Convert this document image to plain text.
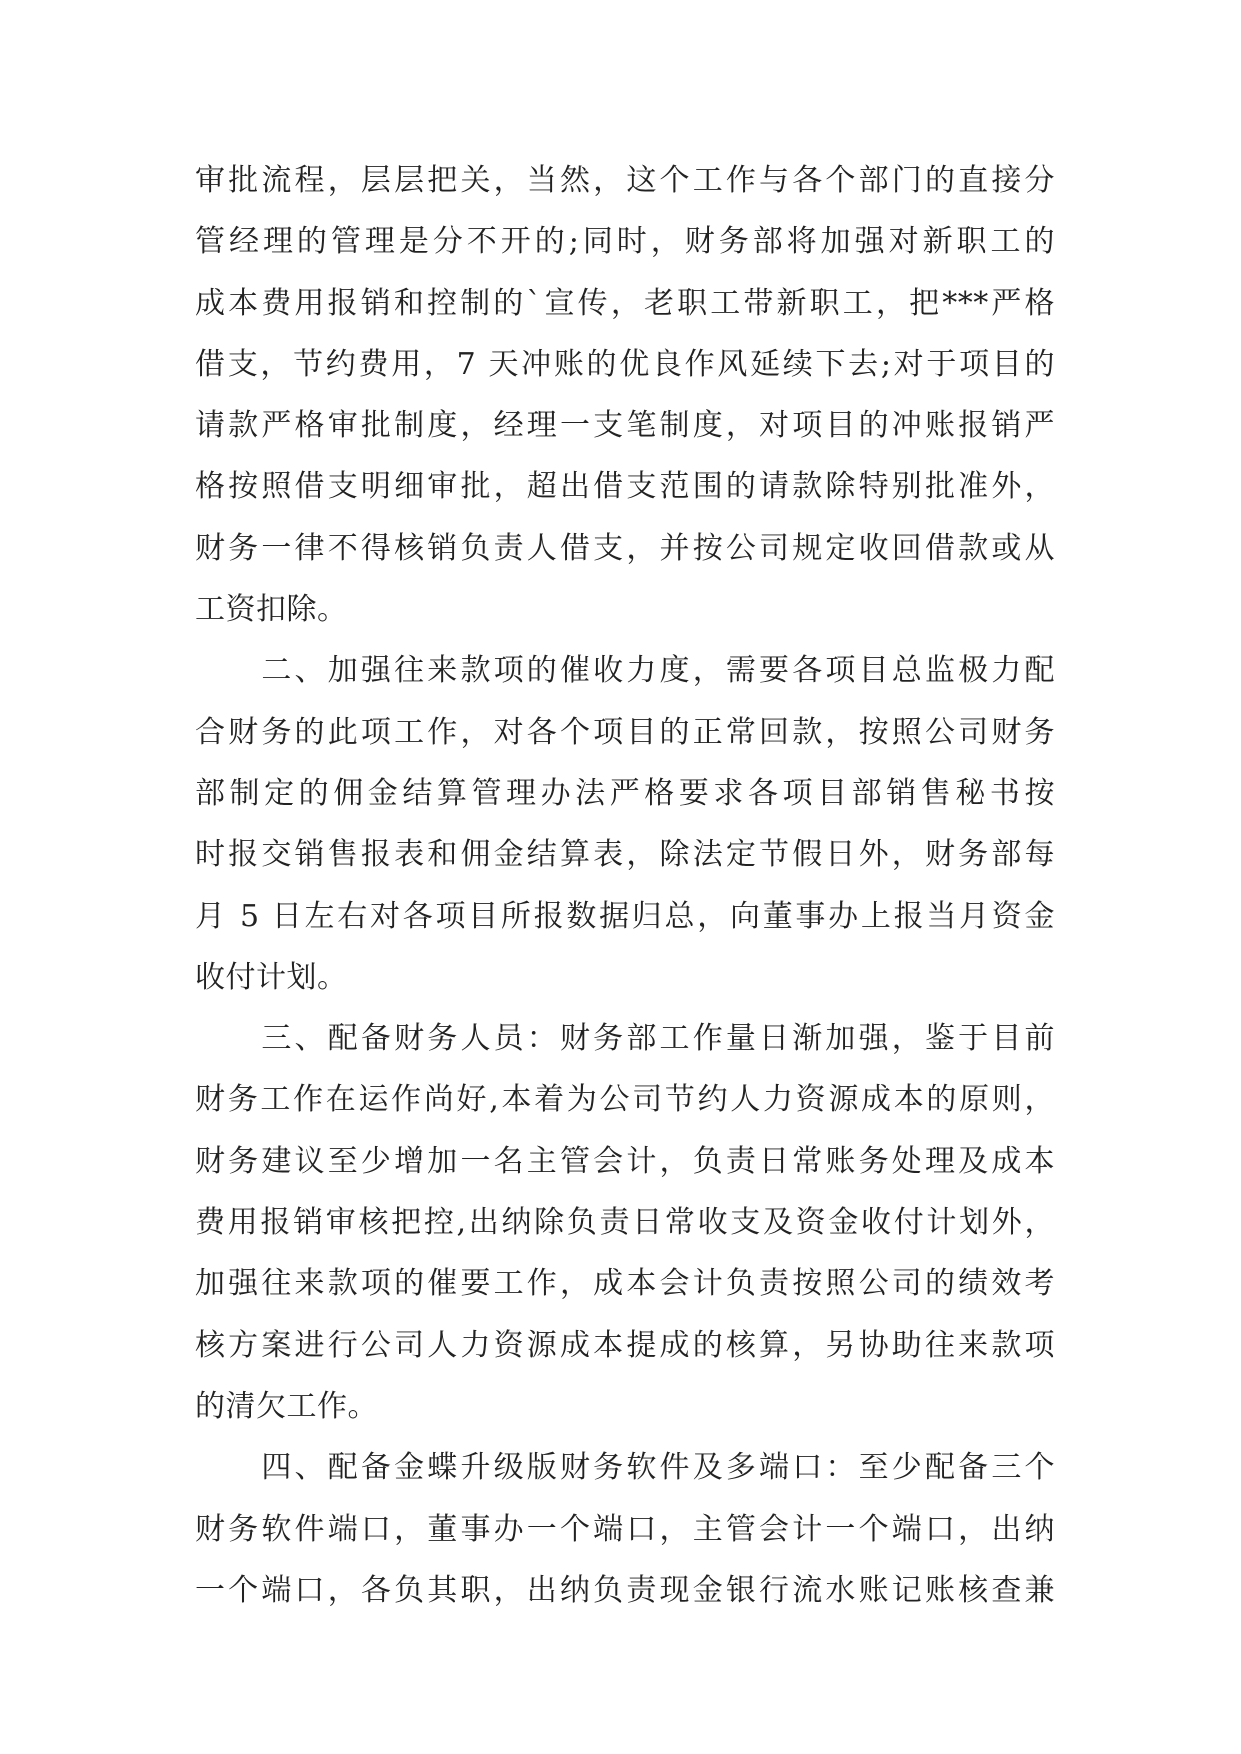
审批流程，层层把关，当然，这个工作与各个部门的直接分
管经理的管理是分不开的;同时，财务部将加强对新职工的
成本费用报销和控制的`宣传，老职工带新职工，把***严格
借支，节约费用，7 天冲账的优良作风延续下去;对于项目的
请款严格审批制度，经理一支笔制度，对项目的冲账报销严
格按照借支明细审批，超出借支范围的请款除特别批准外，
财务一律不得核销负责人借支，并按公司规定收回借款或从
工资扣除。
　　二、加强往来款项的催收力度，需要各项目总监极力配
合财务的此项工作，对各个项目的正常回款，按照公司财务
部制定的佣金结算管理办法严格要求各项目部销售秘书按
时报交销售报表和佣金结算表，除法定节假日外，财务部每
月 5 日左右对各项目所报数据归总，向董事办上报当月资金
收付计划。
　　三、配备财务人员：财务部工作量日渐加强，鉴于目前
财务工作在运作尚好,本着为公司节约人力资源成本的原则，
财务建议至少增加一名主管会计，负责日常账务处理及成本
费用报销审核把控,出纳除负责日常收支及资金收付计划外，
加强往来款项的催要工作，成本会计负责按照公司的绩效考
核方案进行公司人力资源成本提成的核算，另协助往来款项
的清欠工作。
　　四、配备金蝶升级版财务软件及多端口：至少配备三个
财务软件端口，董事办一个端口，主管会计一个端口，出纳
一个端口，各负其职，出纳负责现金银行流水账记账核查兼
